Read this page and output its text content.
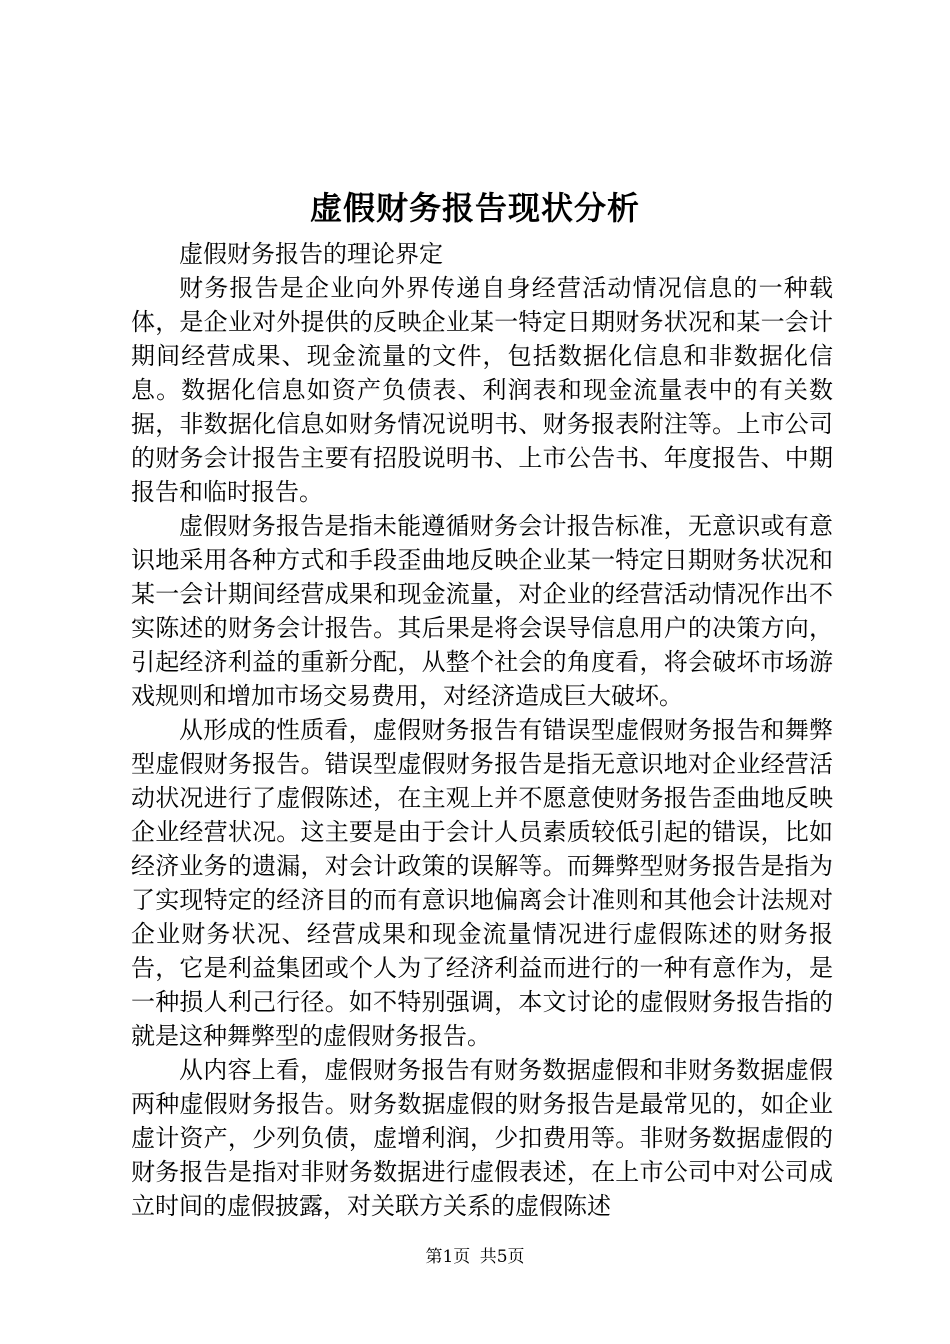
虚假财务报告现状分析

虚假财务报告的理论界定

财务报告是企业向外界传递自身经营活动情况信息的一种载体，是企业对外提供的反映企业某一特定日期财务状况和某一会计期间经营成果、现金流量的文件，包括数据化信息和非数据化信息。数据化信息如资产负债表、利润表和现金流量表中的有关数据，非数据化信息如财务情况说明书、财务报表附注等。上市公司的财务会计报告主要有招股说明书、上市公告书、年度报告、中期报告和临时报告。

虚假财务报告是指未能遵循财务会计报告标准，无意识或有意识地采用各种方式和手段歪曲地反映企业某一特定日期财务状况和某一会计期间经营成果和现金流量，对企业的经营活动情况作出不实陈述的财务会计报告。其后果是将会误导信息用户的决策方向，引起经济利益的重新分配，从整个社会的角度看，将会破坏市场游戏规则和增加市场交易费用，对经济造成巨大破坏。

从形成的性质看，虚假财务报告有错误型虚假财务报告和舞弊型虚假财务报告。错误型虚假财务报告是指无意识地对企业经营活动状况进行了虚假陈述，在主观上并不愿意使财务报告歪曲地反映企业经营状况。这主要是由于会计人员素质较低引起的错误，比如经济业务的遗漏，对会计政策的误解等。而舞弊型财务报告是指为了实现特定的经济目的而有意识地偏离会计准则和其他会计法规对企业财务状况、经营成果和现金流量情况进行虚假陈述的财务报告，它是利益集团或个人为了经济利益而进行的一种有意作为，是一种损人利己行径。如不特别强调，本文讨论的虚假财务报告指的就是这种舞弊型的虚假财务报告。

从内容上看，虚假财务报告有财务数据虚假和非财务数据虚假两种虚假财务报告。财务数据虚假的财务报告是最常见的，如企业虚计资产，少列负债，虚增利润，少扣费用等。非财务数据虚假的财务报告是指对非财务数据进行虚假表述，在上市公司中对公司成立时间的虚假披露，对关联方关系的虚假陈述

第1页 共5页
